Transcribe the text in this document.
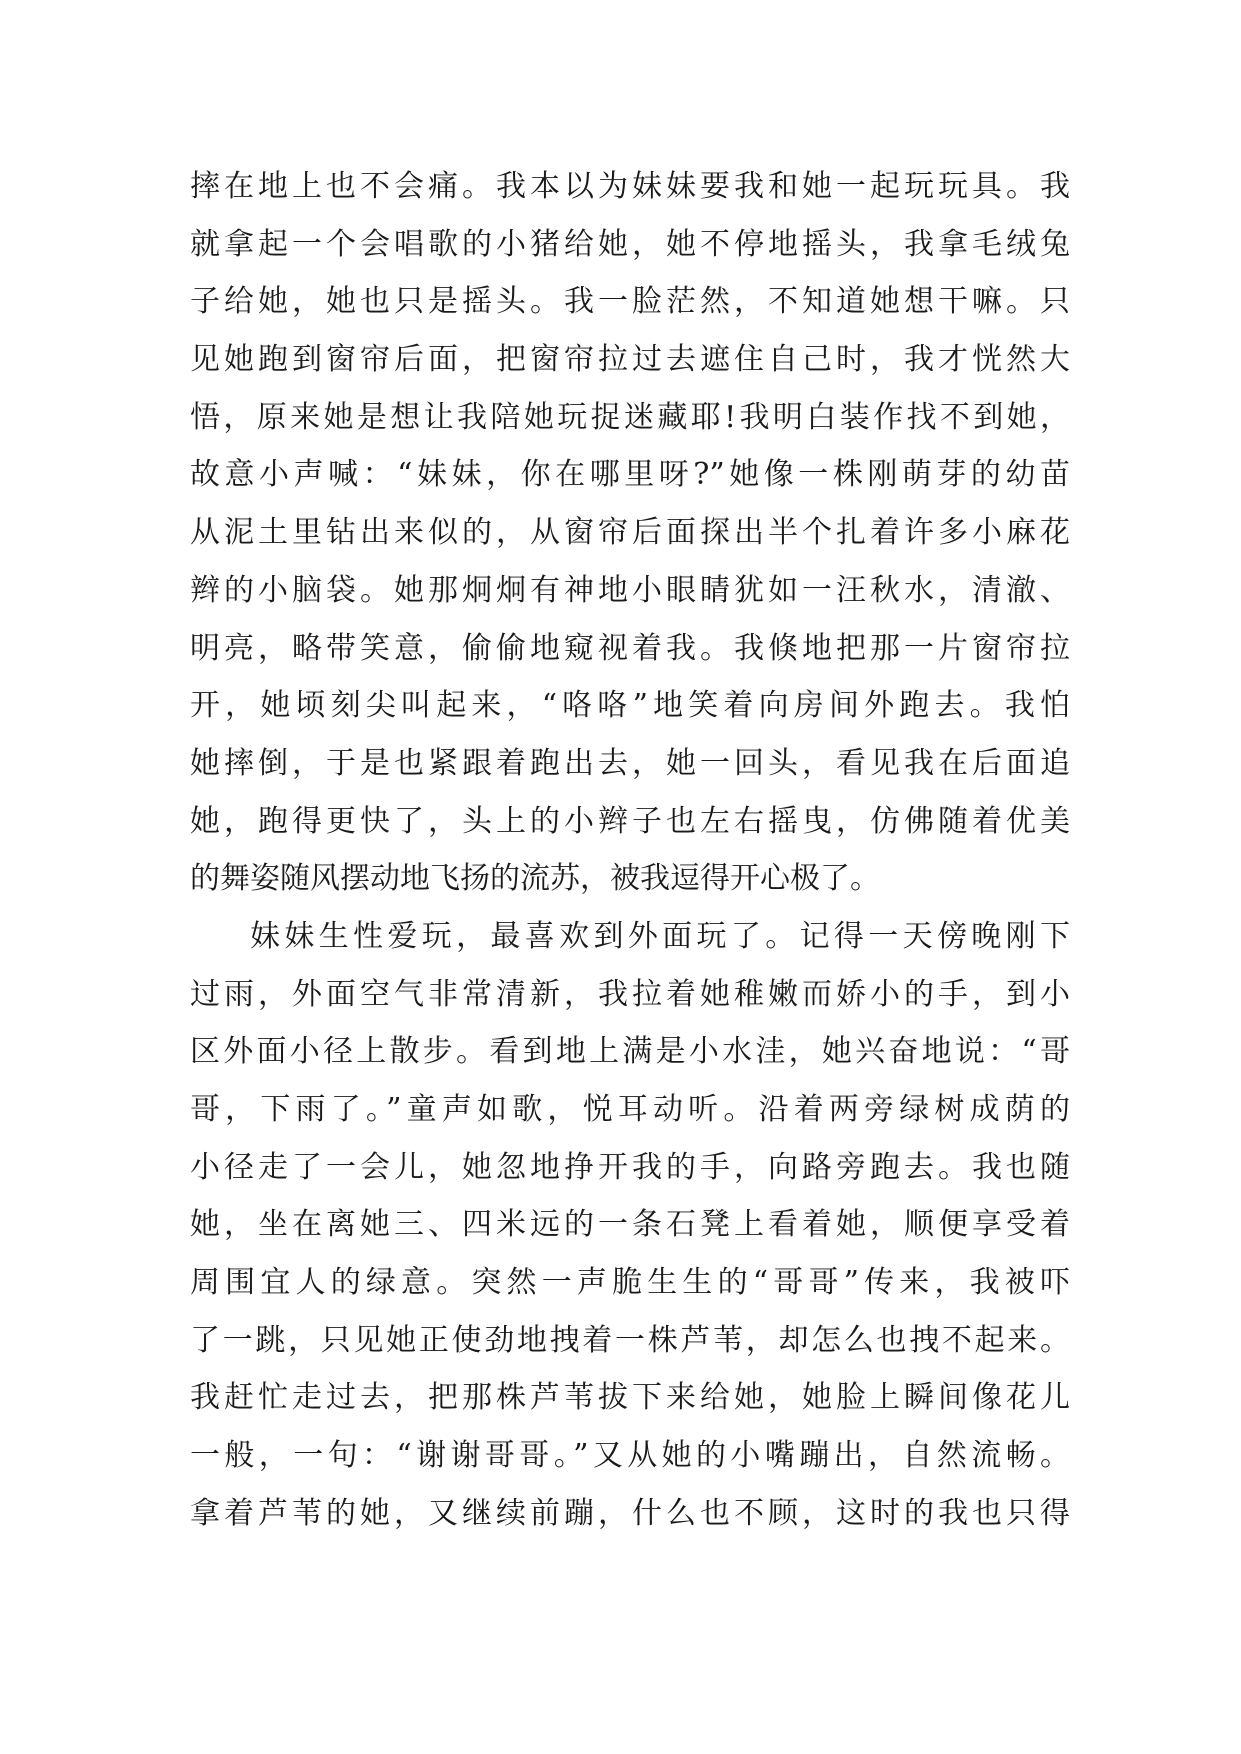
摔在地上也不会痛。我本以为妹妹要我和她一起玩玩具。我
就拿起一个会唱歌的小猪给她，她不停地摇头，我拿毛绒兔
子给她，她也只是摇头。我一脸茫然，不知道她想干嘛。只
见她跑到窗帘后面，把窗帘拉过去遮住自己时，我才恍然大
悟，原来她是想让我陪她玩捉迷藏耶!我明白装作找不到她，
故意小声喊：“妹妹，你在哪里呀?”她像一株刚萌芽的幼苗
从泥土里钻出来似的，从窗帘后面探出半个扎着许多小麻花
辫的小脑袋。她那炯炯有神地小眼睛犹如一汪秋水，清澈、
明亮，略带笑意，偷偷地窥视着我。我倏地把那一片窗帘拉
开，她顷刻尖叫起来，“咯咯”地笑着向房间外跑去。我怕
她摔倒，于是也紧跟着跑出去，她一回头，看见我在后面追
她，跑得更快了，头上的小辫子也左右摇曳，仿佛随着优美
的舞姿随风摆动地飞扬的流苏，被我逗得开心极了。
妹妹生性爱玩，最喜欢到外面玩了。记得一天傍晚刚下
过雨，外面空气非常清新，我拉着她稚嫩而娇小的手，到小
区外面小径上散步。看到地上满是小水洼，她兴奋地说：“哥
哥，下雨了。”童声如歌，悦耳动听。沿着两旁绿树成荫的
小径走了一会儿，她忽地挣开我的手，向路旁跑去。我也随
她，坐在离她三、四米远的一条石凳上看着她，顺便享受着
周围宜人的绿意。突然一声脆生生的“哥哥”传来，我被吓
了一跳，只见她正使劲地拽着一株芦苇，却怎么也拽不起来。
我赶忙走过去，把那株芦苇拔下来给她，她脸上瞬间像花儿
一般，一句：“谢谢哥哥。”又从她的小嘴蹦出，自然流畅。
拿着芦苇的她，又继续前蹦，什么也不顾，这时的我也只得
